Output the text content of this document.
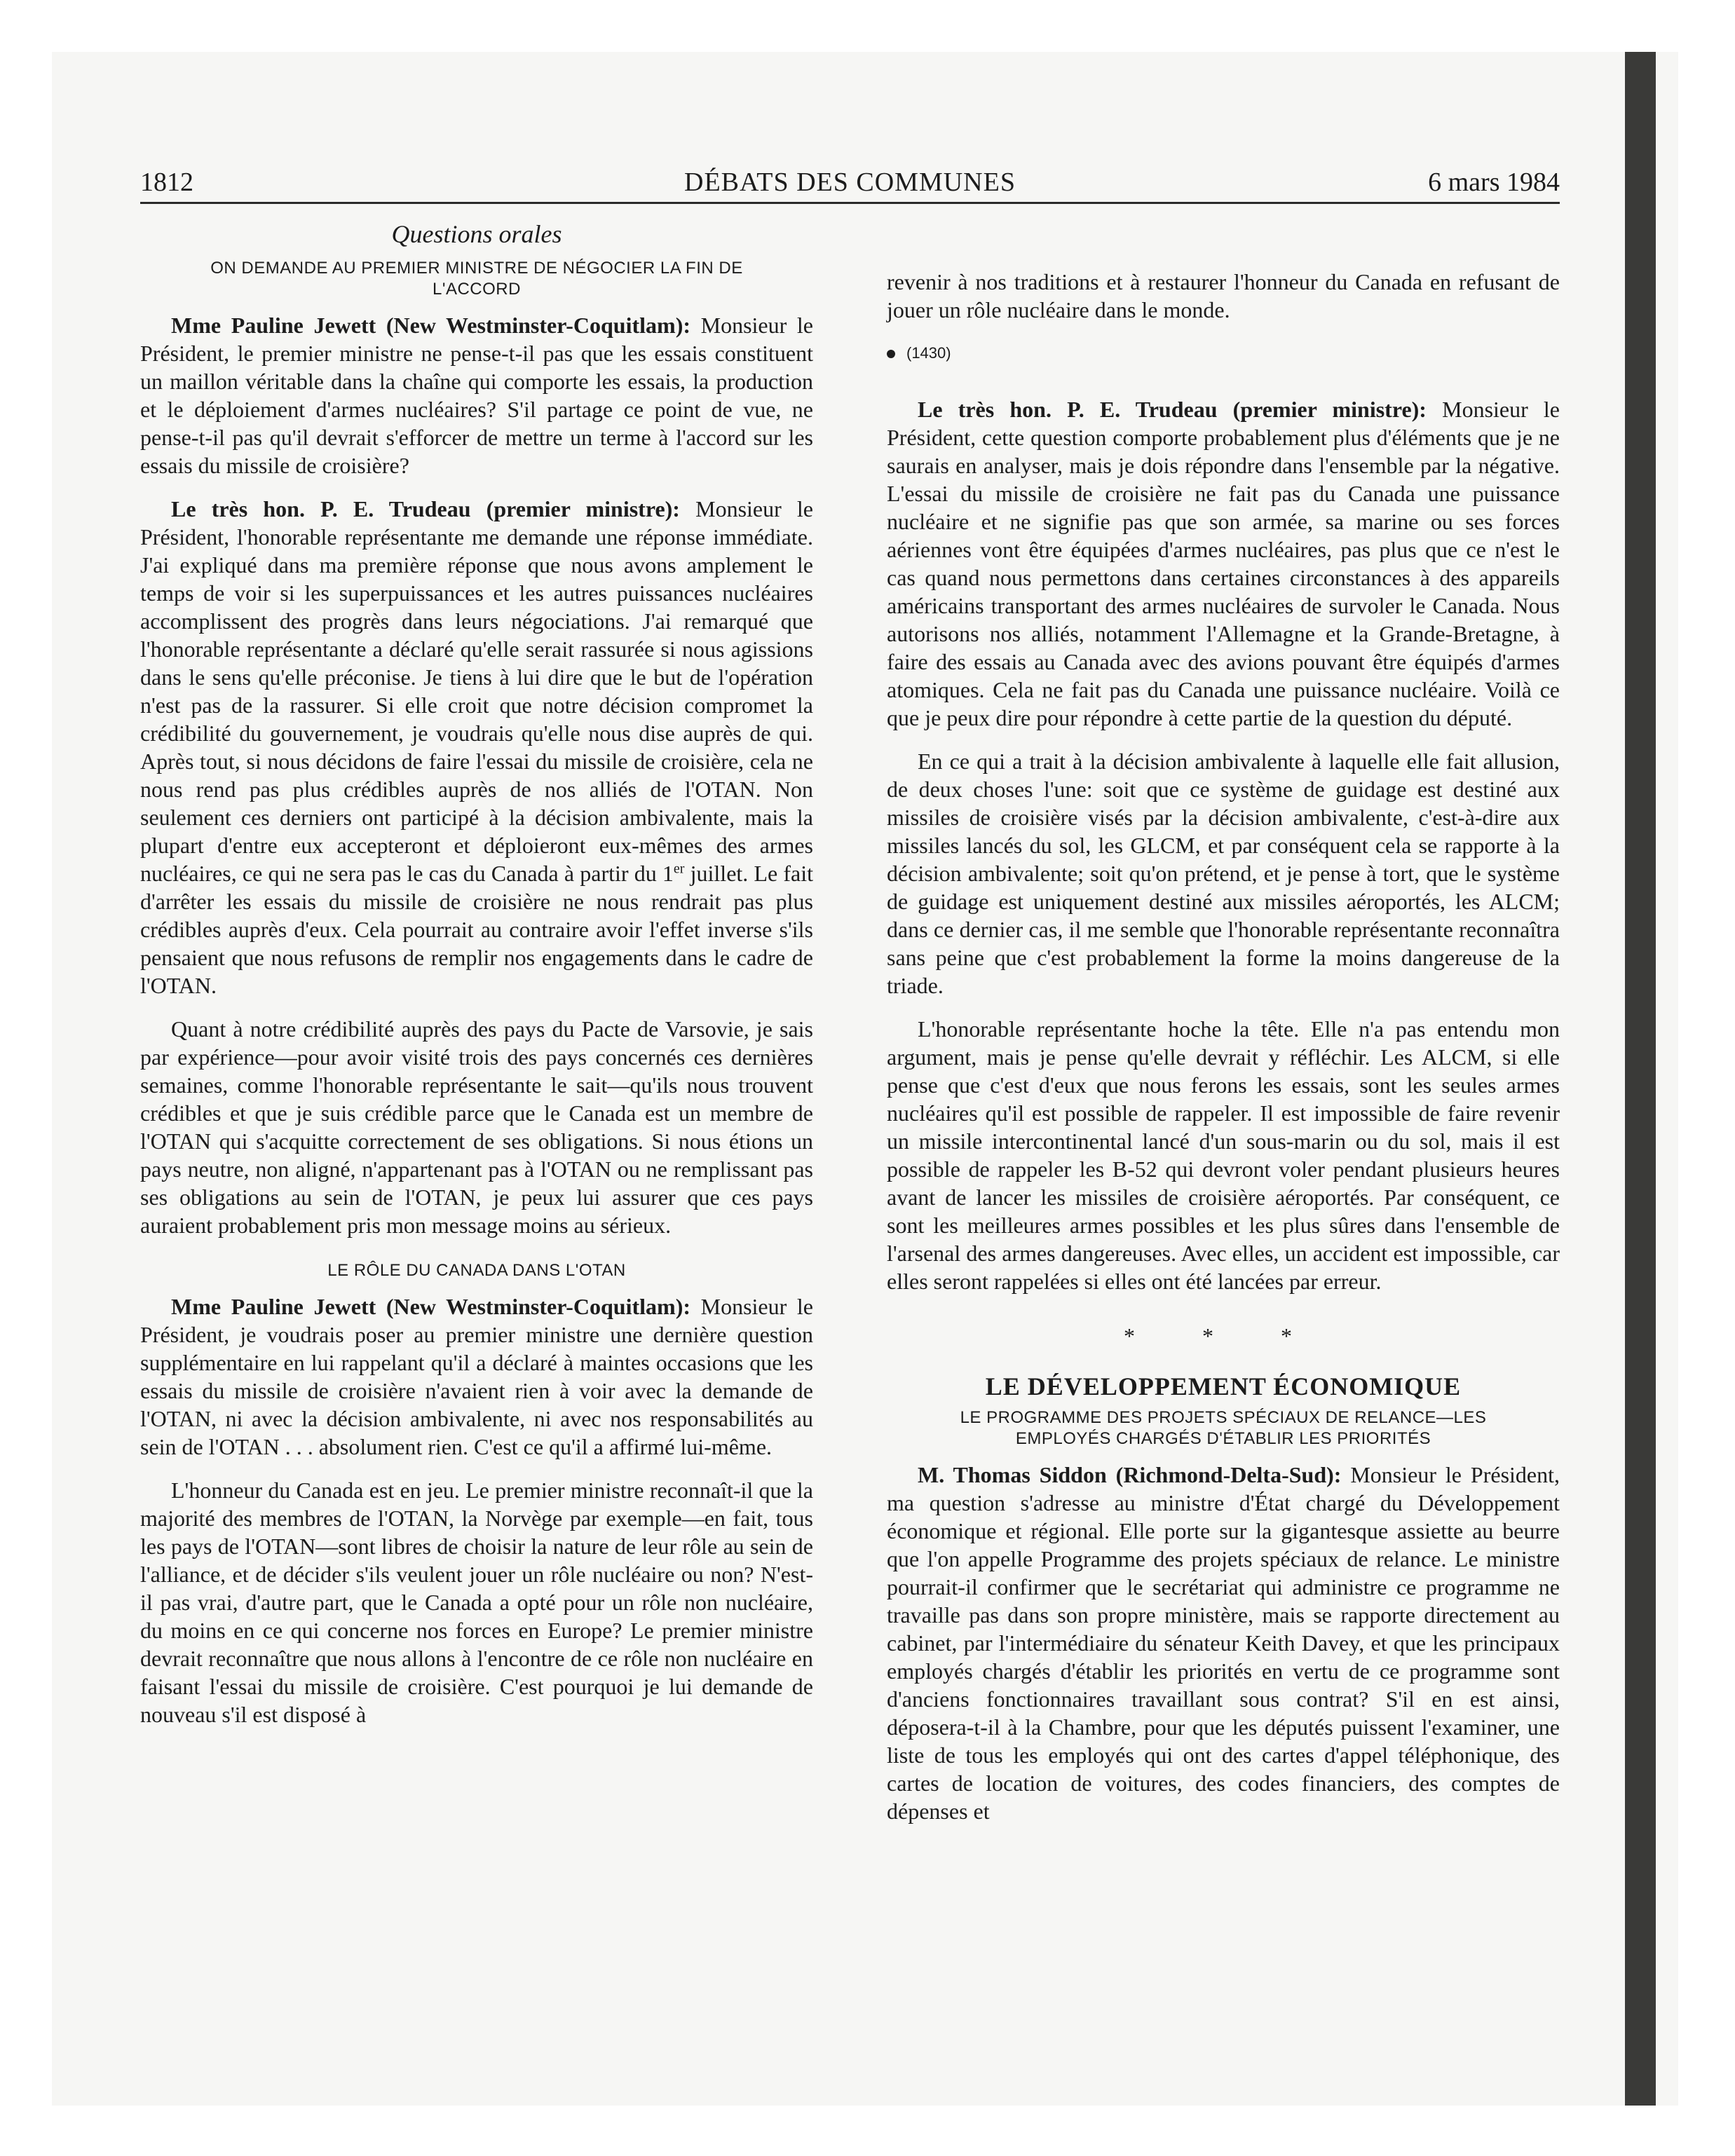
1812	DÉBATS DES COMMUNES	6 mars 1984
Questions orales
ON DEMANDE AU PREMIER MINISTRE DE NÉGOCIER LA FIN DE L'ACCORD

Mme Pauline Jewett (New Westminster-Coquitlam): Monsieur le Président, le premier ministre ne pense-t-il pas que les essais constituent un maillon véritable dans la chaîne qui comporte les essais, la production et le déploiement d'armes nucléaires? S'il partage ce point de vue, ne pense-t-il pas qu'il devrait s'efforcer de mettre un terme à l'accord sur les essais du missile de croisière?

Le très hon. P. E. Trudeau (premier ministre): Monsieur le Président, l'honorable représentante me demande une réponse immédiate. J'ai expliqué dans ma première réponse que nous avons amplement le temps de voir si les superpuissances et les autres puissances nucléaires accomplissent des progrès dans leurs négociations. J'ai remarqué que l'honorable représentante a déclaré qu'elle serait rassurée si nous agissions dans le sens qu'elle préconise. Je tiens à lui dire que le but de l'opération n'est pas de la rassurer. Si elle croit que notre décision compromet la crédibilité du gouvernement, je voudrais qu'elle nous dise auprès de qui. Après tout, si nous décidons de faire l'essai du missile de croisière, cela ne nous rend pas plus crédibles auprès de nos alliés de l'OTAN. Non seulement ces derniers ont participé à la décision ambivalente, mais la plupart d'entre eux accepteront et déploieront eux-mêmes des armes nucléaires, ce qui ne sera pas le cas du Canada à partir du 1er juillet. Le fait d'arrêter les essais du missile de croisière ne nous rendrait pas plus crédibles auprès d'eux. Cela pourrait au contraire avoir l'effet inverse s'ils pensaient que nous refusons de remplir nos engagements dans le cadre de l'OTAN.

Quant à notre crédibilité auprès des pays du Pacte de Varsovie, je sais par expérience—pour avoir visité trois des pays concernés ces dernières semaines, comme l'honorable représentante le sait—qu'ils nous trouvent crédibles et que je suis crédible parce que le Canada est un membre de l'OTAN qui s'acquitte correctement de ses obligations. Si nous étions un pays neutre, non aligné, n'appartenant pas à l'OTAN ou ne remplissant pas ses obligations au sein de l'OTAN, je peux lui assurer que ces pays auraient probablement pris mon message moins au sérieux.

LE RÔLE DU CANADA DANS L'OTAN

Mme Pauline Jewett (New Westminster-Coquitlam): Monsieur le Président, je voudrais poser au premier ministre une dernière question supplémentaire en lui rappelant qu'il a déclaré à maintes occasions que les essais du missile de croisière n'avaient rien à voir avec la demande de l'OTAN, ni avec la décision ambivalente, ni avec nos responsabilités au sein de l'OTAN . . . absolument rien. C'est ce qu'il a affirmé lui-même.

L'honneur du Canada est en jeu. Le premier ministre reconnaît-il que la majorité des membres de l'OTAN, la Norvège par exemple—en fait, tous les pays de l'OTAN—sont libres de choisir la nature de leur rôle au sein de l'alliance, et de décider s'ils veulent jouer un rôle nucléaire ou non? N'est-il pas vrai, d'autre part, que le Canada a opté pour un rôle non nucléaire, du moins en ce qui concerne nos forces en Europe? Le premier ministre devrait reconnaître que nous allons à l'encontre de ce rôle non nucléaire en faisant l'essai du missile de croisière. C'est pourquoi je lui demande de nouveau s'il est disposé à

revenir à nos traditions et à restaurer l'honneur du Canada en refusant de jouer un rôle nucléaire dans le monde.

(1430)

Le très hon. P. E. Trudeau (premier ministre): Monsieur le Président, cette question comporte probablement plus d'éléments que je ne saurais en analyser, mais je dois répondre dans l'ensemble par la négative. L'essai du missile de croisière ne fait pas du Canada une puissance nucléaire et ne signifie pas que son armée, sa marine ou ses forces aériennes vont être équipées d'armes nucléaires, pas plus que ce n'est le cas quand nous permettons dans certaines circonstances à des appareils américains transportant des armes nucléaires de survoler le Canada. Nous autorisons nos alliés, notamment l'Allemagne et la Grande-Bretagne, à faire des essais au Canada avec des avions pouvant être équipés d'armes atomiques. Cela ne fait pas du Canada une puissance nucléaire. Voilà ce que je peux dire pour répondre à cette partie de la question du député.

En ce qui a trait à la décision ambivalente à laquelle elle fait allusion, de deux choses l'une: soit que ce système de guidage est destiné aux missiles de croisière visés par la décision ambivalente, c'est-à-dire aux missiles lancés du sol, les GLCM, et par conséquent cela se rapporte à la décision ambivalente; soit qu'on prétend, et je pense à tort, que le système de guidage est uniquement destiné aux missiles aéroportés, les ALCM; dans ce dernier cas, il me semble que l'honorable représentante reconnaîtra sans peine que c'est probablement la forme la moins dangereuse de la triade.

L'honorable représentante hoche la tête. Elle n'a pas entendu mon argument, mais je pense qu'elle devrait y réfléchir. Les ALCM, si elle pense que c'est d'eux que nous ferons les essais, sont les seules armes nucléaires qu'il est possible de rappeler. Il est impossible de faire revenir un missile intercontinental lancé d'un sous-marin ou du sol, mais il est possible de rappeler les B-52 qui devront voler pendant plusieurs heures avant de lancer les missiles de croisière aéroportés. Par conséquent, ce sont les meilleures armes possibles et les plus sûres dans l'ensemble de l'arsenal des armes dangereuses. Avec elles, un accident est impossible, car elles seront rappelées si elles ont été lancées par erreur.

* * *
LE DÉVELOPPEMENT ÉCONOMIQUE
LE PROGRAMME DES PROJETS SPÉCIAUX DE RELANCE—LES EMPLOYÉS CHARGÉS D'ÉTABLIR LES PRIORITÉS

M. Thomas Siddon (Richmond-Delta-Sud): Monsieur le Président, ma question s'adresse au ministre d'État chargé du Développement économique et régional. Elle porte sur la gigantesque assiette au beurre que l'on appelle Programme des projets spéciaux de relance. Le ministre pourrait-il confirmer que le secrétariat qui administre ce programme ne travaille pas dans son propre ministère, mais se rapporte directement au cabinet, par l'intermédiaire du sénateur Keith Davey, et que les principaux employés chargés d'établir les priorités en vertu de ce programme sont d'anciens fonctionnaires travaillant sous contrat? S'il en est ainsi, déposera-t-il à la Chambre, pour que les députés puissent l'examiner, une liste de tous les employés qui ont des cartes d'appel téléphonique, des cartes de location de voitures, des codes financiers, des comptes de dépenses et
